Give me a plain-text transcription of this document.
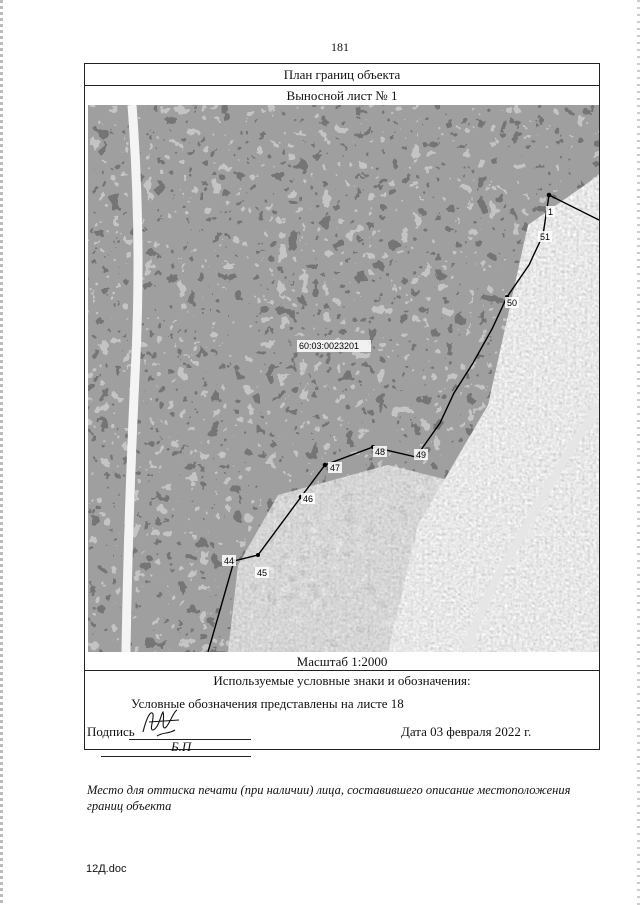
181
План границ объекта
Выносной лист № 1
1
51
50
49
48
47
46
44
45
60:03:0023201
Масштаб 1:2000
Используемые условные знаки и обозначения:
Условные обозначения представлены на листе 18
Подпись
Б.П
Дата 03 февраля 2022 г.
Место для оттиска печати (при наличии) лица, составившего описание местоположения границ объекта
12Д.doc
